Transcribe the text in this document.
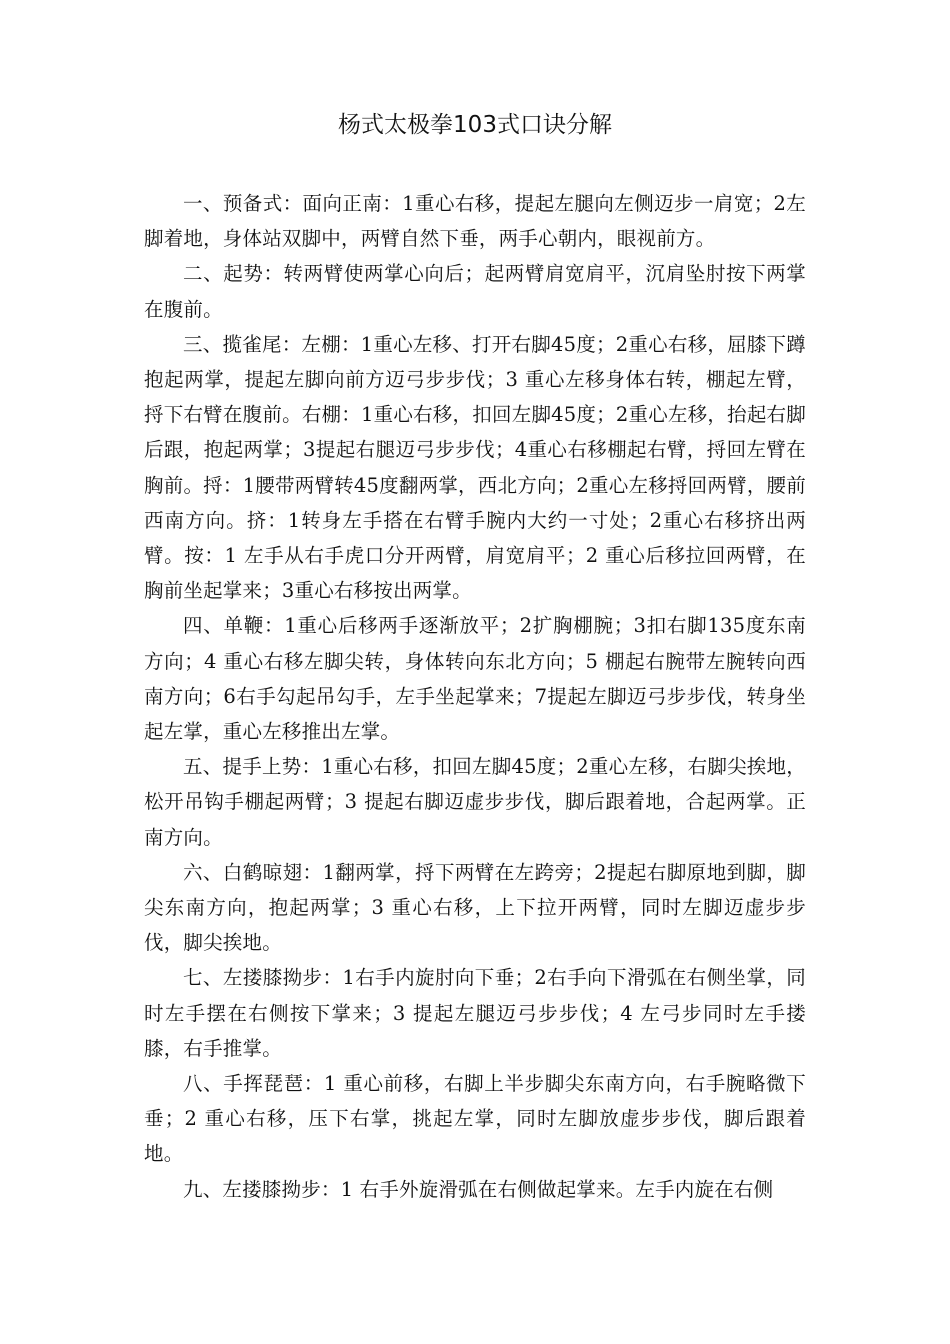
杨式太极拳103式口诀分解

一、预备式：面向正南：1重心右移，提起左腿向左侧迈步一肩宽；2左脚着地，身体站双脚中，两臂自然下垂，两手心朝内，眼视前方。

二、起势：转两臂使两掌心向后；起两臂肩宽肩平，沉肩坠肘按下两掌在腹前。

三、揽雀尾：左棚：1重心左移、打开右脚45度；2重心右移，屈膝下蹲抱起两掌，提起左脚向前方迈弓步步伐；3 重心左移身体右转，棚起左臂，捋下右臂在腹前。右棚：1重心右移，扣回左脚45度；2重心左移，抬起右脚后跟，抱起两掌；3提起右腿迈弓步步伐；4重心右移棚起右臂，捋回左臂在胸前。捋：1腰带两臂转45度翻两掌，西北方向；2重心左移捋回两臂，腰前西南方向。挤：1转身左手搭在右臂手腕内大约一寸处；2重心右移挤出两臂。按：1 左手从右手虎口分开两臂，肩宽肩平；2 重心后移拉回两臂，在胸前坐起掌来；3重心右移按出两掌。

四、单鞭：1重心后移两手逐渐放平；2扩胸棚腕；3扣右脚135度东南方向；4 重心右移左脚尖转，身体转向东北方向；5 棚起右腕带左腕转向西南方向；6右手勾起吊勾手，左手坐起掌来；7提起左脚迈弓步步伐，转身坐起左掌，重心左移推出左掌。

五、提手上势：1重心右移，扣回左脚45度；2重心左移，右脚尖挨地，松开吊钩手棚起两臂；3 提起右脚迈虚步步伐，脚后跟着地，合起两掌。正南方向。

六、白鹤晾翅：1翻两掌，捋下两臂在左跨旁；2提起右脚原地到脚，脚尖东南方向，抱起两掌；3 重心右移，上下拉开两臂，同时左脚迈虚步步伐，脚尖挨地。

七、左搂膝拗步：1右手内旋肘向下垂；2右手向下滑弧在右侧坐掌，同时左手摆在右侧按下掌来；3 提起左腿迈弓步步伐；4 左弓步同时左手搂膝，右手推掌。

八、手挥琵琶：1 重心前移，右脚上半步脚尖东南方向，右手腕略微下垂；2 重心右移，压下右掌，挑起左掌，同时左脚放虚步步伐，脚后跟着地。

九、左搂膝拗步：1 右手外旋滑弧在右侧做起掌来。左手内旋在右侧
